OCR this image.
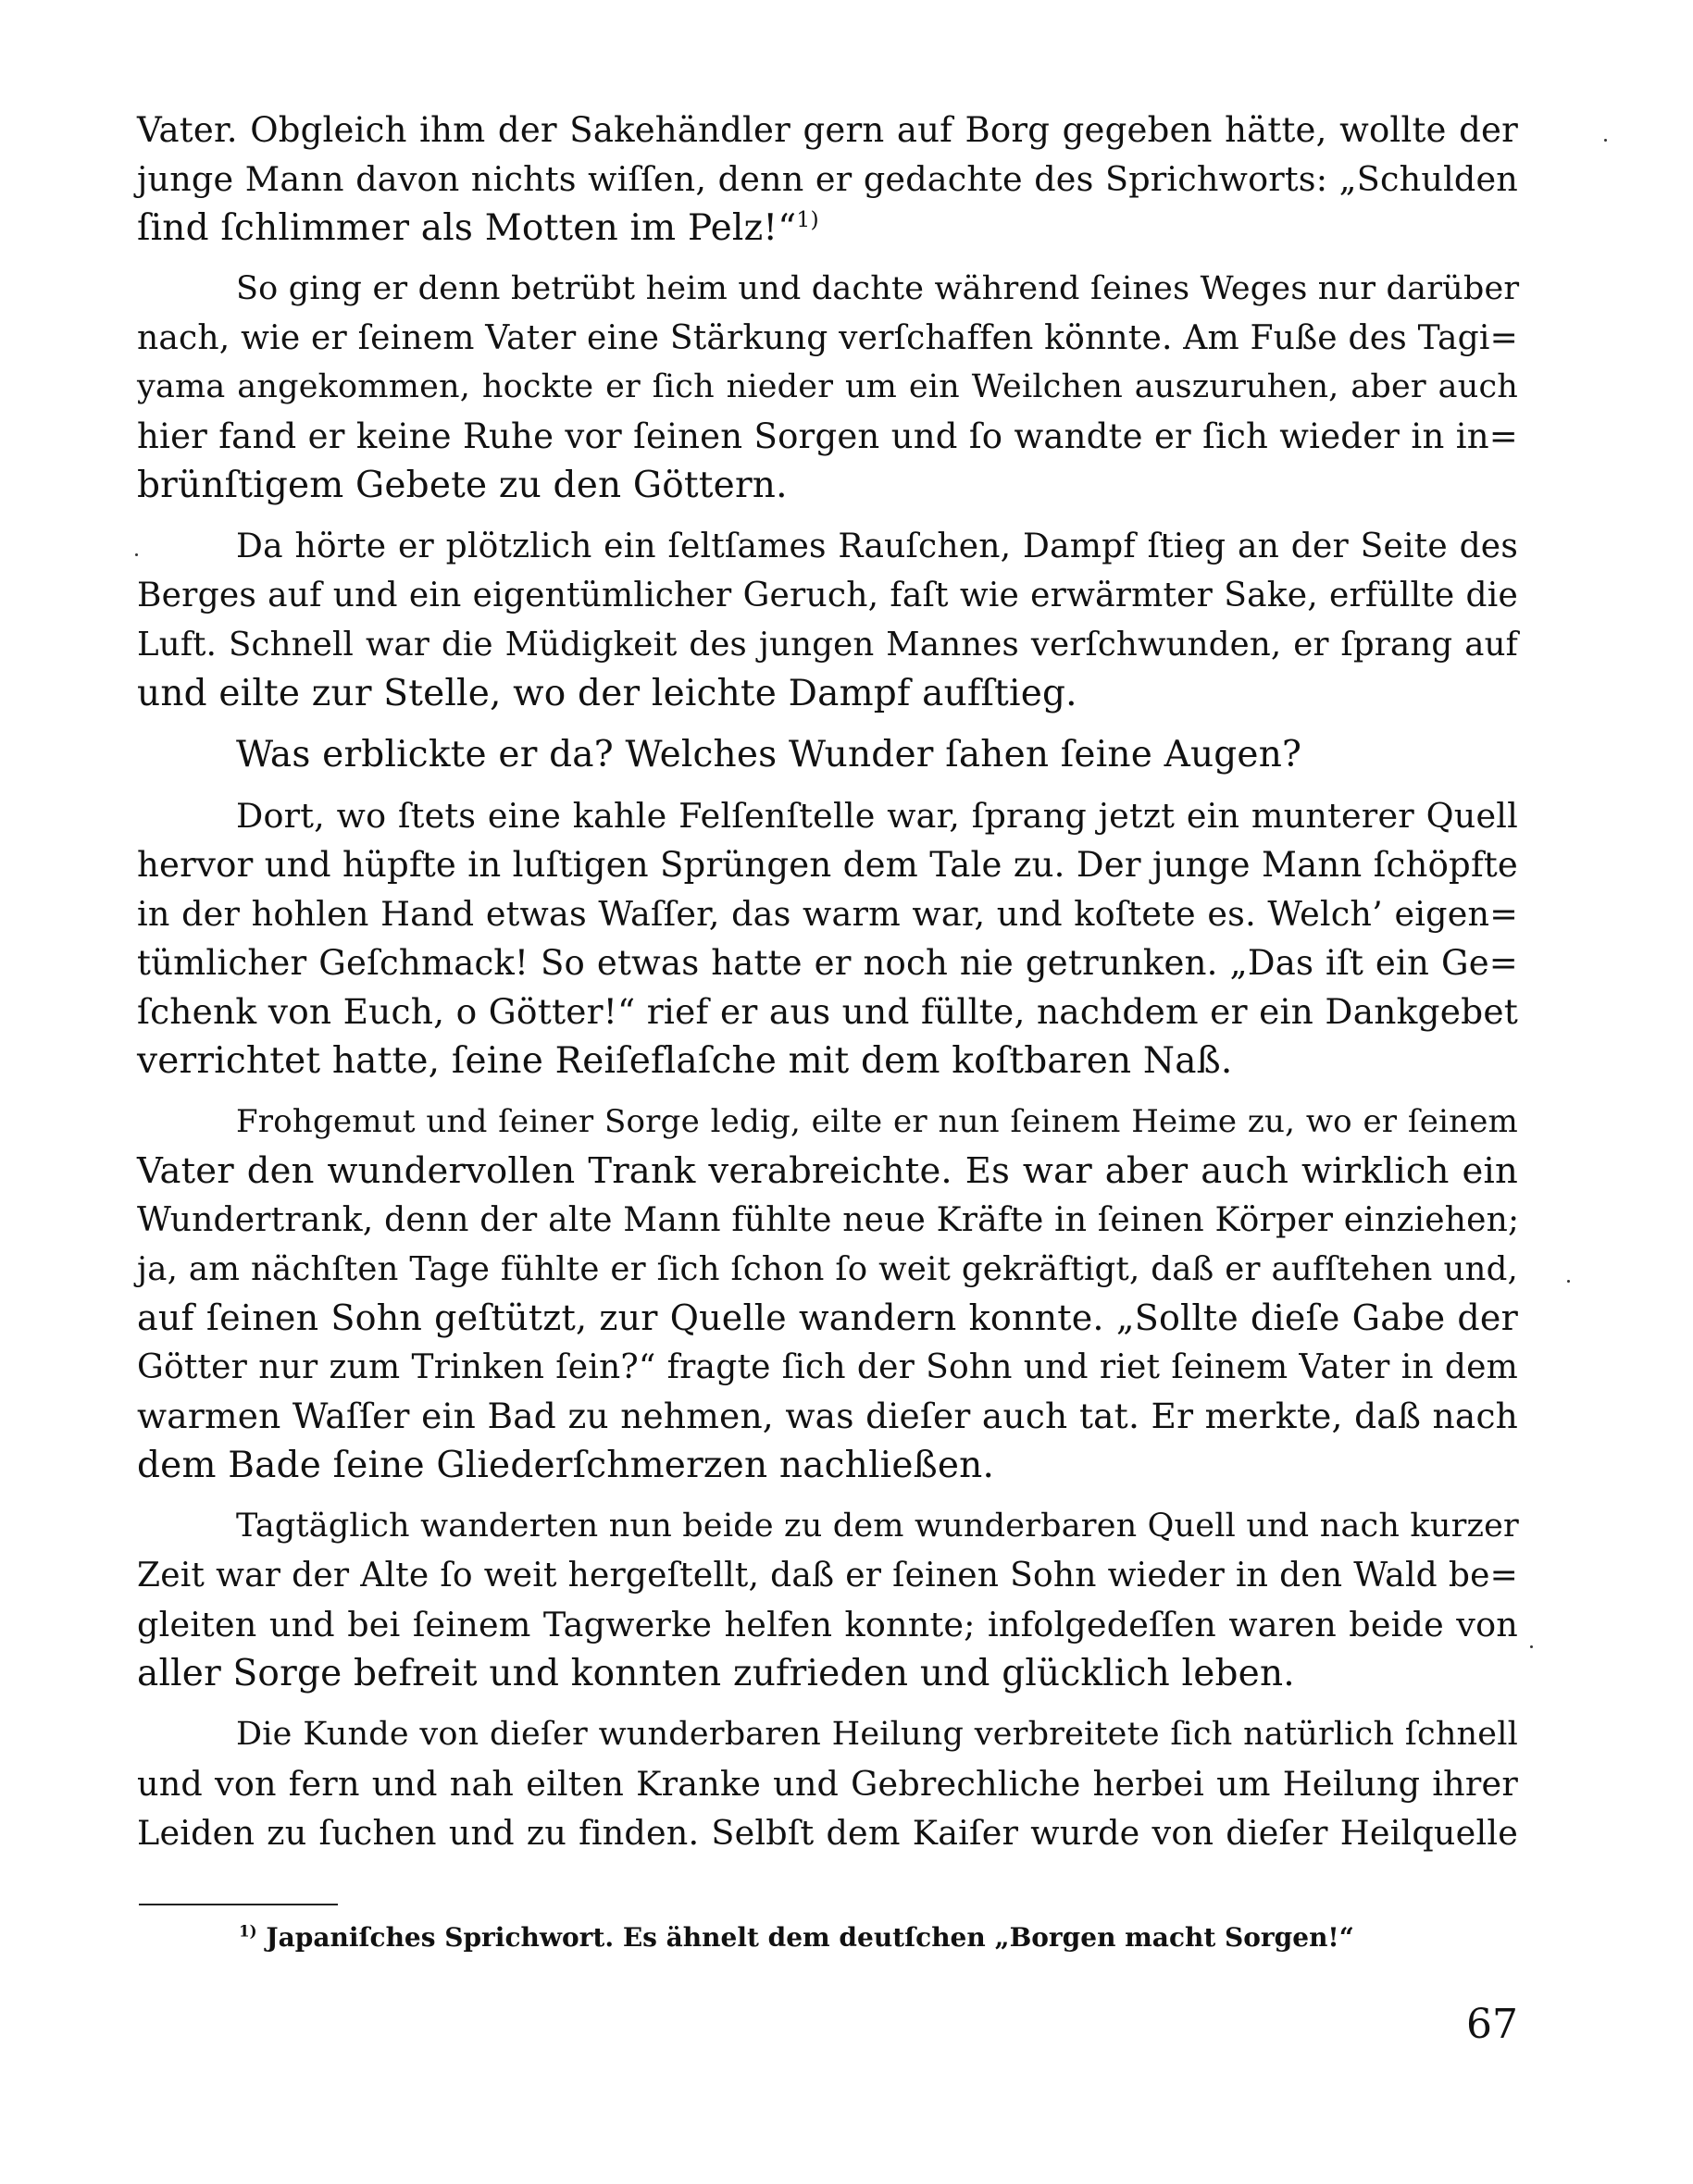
Vater. Obgleich ihm der Sakehändler gern auf Borg gegeben hätte, wollte der
junge Mann davon nichts wiſſen, denn er gedachte des Sprichworts: „Schulden
ſind ſchlimmer als Motten im Pelz!“$^{1)}$
So ging er denn betrübt heim und dachte während ſeines Weges nur darüber
nach, wie er ſeinem Vater eine Stärkung verſchaffen könnte. Am Fuße des Tagi=
yama angekommen, hockte er ſich nieder um ein Weilchen auszuruhen, aber auch
hier fand er keine Ruhe vor ſeinen Sorgen und ſo wandte er ſich wieder in in=
brünſtigem Gebete zu den Göttern.
Da hörte er plötzlich ein ſeltſames Rauſchen, Dampf ſtieg an der Seite des
Berges auf und ein eigentümlicher Geruch, faſt wie erwärmter Sake, erfüllte die
Luft. Schnell war die Müdigkeit des jungen Mannes verſchwunden, er ſprang auf
und eilte zur Stelle, wo der leichte Dampf aufſtieg.
Was erblickte er da? Welches Wunder ſahen ſeine Augen?
Dort, wo ſtets eine kahle Felſenſtelle war, ſprang jetzt ein munterer Quell
hervor und hüpfte in luſtigen Sprüngen dem Tale zu. Der junge Mann ſchöpfte
in der hohlen Hand etwas Waſſer, das warm war, und koſtete es. Welch’ eigen=
tümlicher Geſchmack! So etwas hatte er noch nie getrunken. „Das iſt ein Ge=
ſchenk von Euch, o Götter!“ rief er aus und füllte, nachdem er ein Dankgebet
verrichtet hatte, ſeine Reiſeflaſche mit dem koſtbaren Naß.
Frohgemut und ſeiner Sorge ledig, eilte er nun ſeinem Heime zu, wo er ſeinem
Vater den wundervollen Trank verabreichte. Es war aber auch wirklich ein
Wundertrank, denn der alte Mann fühlte neue Kräfte in ſeinen Körper einziehen;
ja, am nächſten Tage fühlte er ſich ſchon ſo weit gekräftigt, daß er aufſtehen und,
auf ſeinen Sohn geſtützt, zur Quelle wandern konnte. „Sollte dieſe Gabe der
Götter nur zum Trinken ſein?“ fragte ſich der Sohn und riet ſeinem Vater in dem
warmen Waſſer ein Bad zu nehmen, was dieſer auch tat. Er merkte, daß nach
dem Bade ſeine Gliederſchmerzen nachließen.
Tagtäglich wanderten nun beide zu dem wunderbaren Quell und nach kurzer
Zeit war der Alte ſo weit hergeſtellt, daß er ſeinen Sohn wieder in den Wald be=
gleiten und bei ſeinem Tagwerke helfen konnte; infolgedeſſen waren beide von
aller Sorge befreit und konnten zufrieden und glücklich leben.
Die Kunde von dieſer wunderbaren Heilung verbreitete ſich natürlich ſchnell
und von fern und nah eilten Kranke und Gebrechliche herbei um Heilung ihrer
Leiden zu ſuchen und zu finden. Selbſt dem Kaiſer wurde von dieſer Heilquelle
$^{1)}$ Japaniſches Sprichwort. Es ähnelt dem deutſchen „Borgen macht Sorgen!“
67
